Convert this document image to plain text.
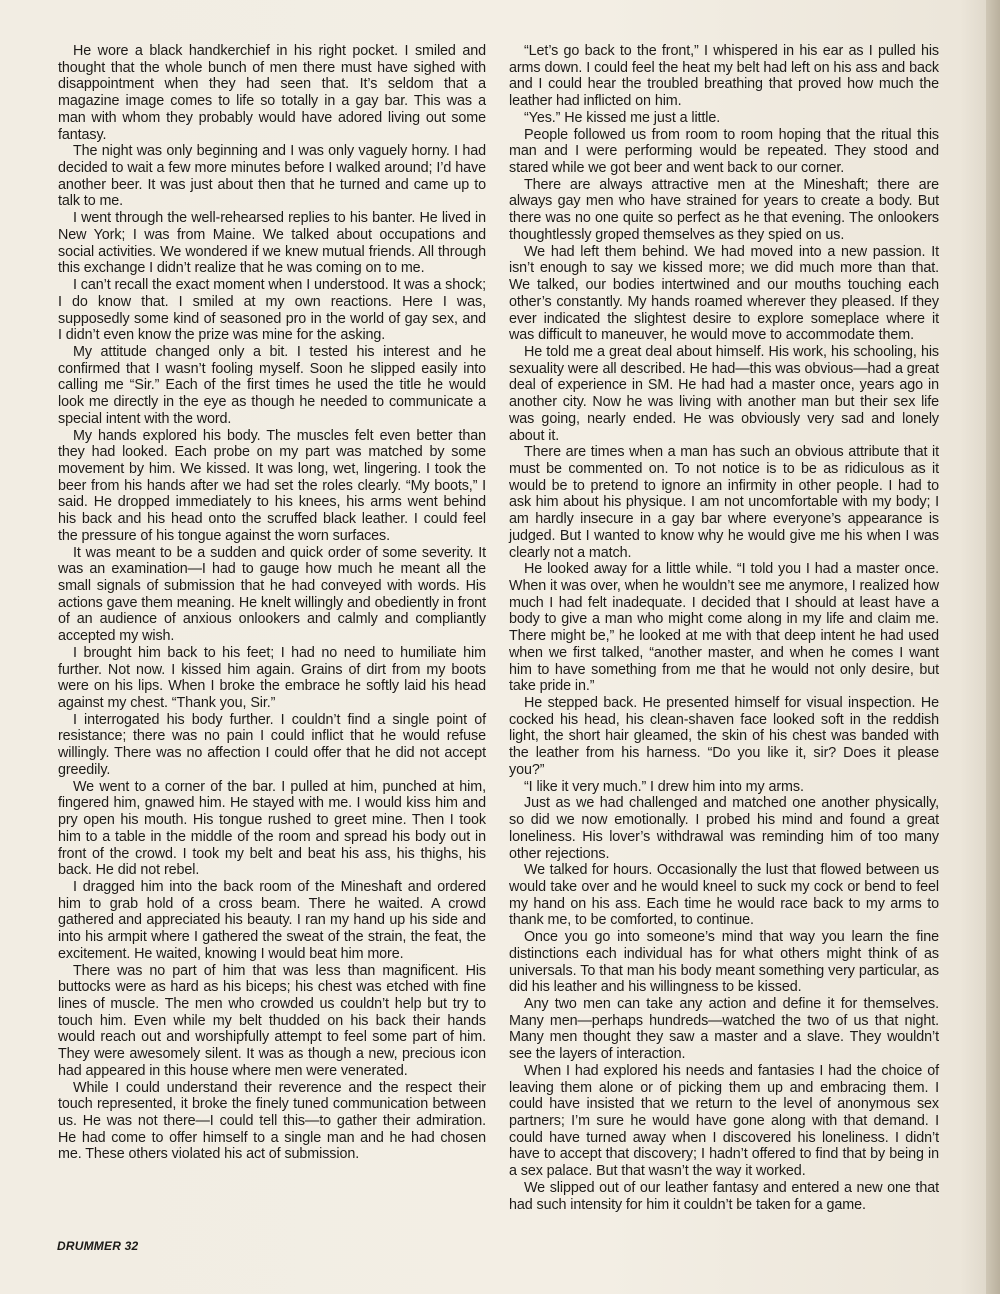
He wore a black handkerchief in his right pocket. I smiled and thought that the whole bunch of men there must have sighed with disappointment when they had seen that. It’s seldom that a magazine image comes to life so totally in a gay bar. This was a man with whom they probably would have adored living out some fantasy.

The night was only beginning and I was only vaguely horny. I had decided to wait a few more minutes before I walked around; I’d have another beer. It was just about then that he turned and came up to talk to me.

I went through the well-rehearsed replies to his banter. He lived in New York; I was from Maine. We talked about occupations and social activities. We wondered if we knew mutual friends. All through this exchange I didn’t realize that he was coming on to me.

I can’t recall the exact moment when I understood. It was a shock; I do know that. I smiled at my own reactions. Here I was, supposedly some kind of seasoned pro in the world of gay sex, and I didn’t even know the prize was mine for the asking.

My attitude changed only a bit. I tested his interest and he confirmed that I wasn’t fooling myself. Soon he slipped easily into calling me “Sir.” Each of the first times he used the title he would look me directly in the eye as though he needed to communicate a special intent with the word.

My hands explored his body. The muscles felt even better than they had looked. Each probe on my part was matched by some movement by him. We kissed. It was long, wet, lingering. I took the beer from his hands after we had set the roles clearly. “My boots,” I said. He dropped immediately to his knees, his arms went behind his back and his head onto the scruffed black leather. I could feel the pressure of his tongue against the worn surfaces.

It was meant to be a sudden and quick order of some severity. It was an examination—I had to gauge how much he meant all the small signals of submission that he had conveyed with words. His actions gave them meaning. He knelt willingly and obediently in front of an audience of anxious onlookers and calmly and compliantly accepted my wish.

I brought him back to his feet; I had no need to humiliate him further. Not now. I kissed him again. Grains of dirt from my boots were on his lips. When I broke the embrace he softly laid his head against my chest. “Thank you, Sir.”

I interrogated his body further. I couldn’t find a single point of resistance; there was no pain I could inflict that he would refuse willingly. There was no affection I could offer that he did not accept greedily.

We went to a corner of the bar. I pulled at him, punched at him, fingered him, gnawed him. He stayed with me. I would kiss him and pry open his mouth. His tongue rushed to greet mine. Then I took him to a table in the middle of the room and spread his body out in front of the crowd. I took my belt and beat his ass, his thighs, his back. He did not rebel.

I dragged him into the back room of the Mineshaft and ordered him to grab hold of a cross beam. There he waited. A crowd gathered and appreciated his beauty. I ran my hand up his side and into his armpit where I gathered the sweat of the strain, the feat, the excitement. He waited, knowing I would beat him more.

There was no part of him that was less than magnificent. His buttocks were as hard as his biceps; his chest was etched with fine lines of muscle. The men who crowded us couldn’t help but try to touch him. Even while my belt thudded on his back their hands would reach out and worshipfully attempt to feel some part of him. They were awesomely silent. It was as though a new, precious icon had appeared in this house where men were venerated.

While I could understand their reverence and the respect their touch represented, it broke the finely tuned communication between us. He was not there—I could tell this—to gather their admiration. He had come to offer himself to a single man and he had chosen me. These others violated his act of submission.

“Let’s go back to the front,” I whispered in his ear as I pulled his arms down. I could feel the heat my belt had left on his ass and back and I could hear the troubled breathing that proved how much the leather had inflicted on him.

“Yes.” He kissed me just a little.

People followed us from room to room hoping that the ritual this man and I were performing would be repeated. They stood and stared while we got beer and went back to our corner.

There are always attractive men at the Mineshaft; there are always gay men who have strained for years to create a body. But there was no one quite so perfect as he that evening. The onlookers thoughtlessly groped themselves as they spied on us.

We had left them behind. We had moved into a new passion. It isn’t enough to say we kissed more; we did much more than that. We talked, our bodies intertwined and our mouths touching each other’s constantly. My hands roamed wherever they pleased. If they ever indicated the slightest desire to explore someplace where it was difficult to maneuver, he would move to accommodate them.

He told me a great deal about himself. His work, his schooling, his sexuality were all described. He had—this was obvious—had a great deal of experience in SM. He had had a master once, years ago in another city. Now he was living with another man but their sex life was going, nearly ended. He was obviously very sad and lonely about it.

There are times when a man has such an obvious attribute that it must be commented on. To not notice is to be as ridiculous as it would be to pretend to ignore an infirmity in other people. I had to ask him about his physique. I am not uncomfortable with my body; I am hardly insecure in a gay bar where everyone’s appearance is judged. But I wanted to know why he would give me his when I was clearly not a match.

He looked away for a little while. “I told you I had a master once. When it was over, when he wouldn’t see me anymore, I realized how much I had felt inadequate. I decided that I should at least have a body to give a man who might come along in my life and claim me. There might be,” he looked at me with that deep intent he had used when we first talked, “another master, and when he comes I want him to have something from me that he would not only desire, but take pride in.”

He stepped back. He presented himself for visual inspection. He cocked his head, his clean-shaven face looked soft in the reddish light, the short hair gleamed, the skin of his chest was banded with the leather from his harness. “Do you like it, sir? Does it please you?”

“I like it very much.” I drew him into my arms.

Just as we had challenged and matched one another physically, so did we now emotionally. I probed his mind and found a great loneliness. His lover’s withdrawal was reminding him of too many other rejections.

We talked for hours. Occasionally the lust that flowed between us would take over and he would kneel to suck my cock or bend to feel my hand on his ass. Each time he would race back to my arms to thank me, to be comforted, to continue.

Once you go into someone’s mind that way you learn the fine distinctions each individual has for what others might think of as universals. To that man his body meant something very particular, as did his leather and his willingness to be kissed.

Any two men can take any action and define it for themselves. Many men—perhaps hundreds—watched the two of us that night. Many men thought they saw a master and a slave. They wouldn’t see the layers of interaction.

When I had explored his needs and fantasies I had the choice of leaving them alone or of picking them up and embracing them. I could have insisted that we return to the level of anonymous sex partners; I’m sure he would have gone along with that demand. I could have turned away when I discovered his loneliness. I didn’t have to accept that discovery; I hadn’t offered to find that by being in a sex palace. But that wasn’t the way it worked.

We slipped out of our leather fantasy and entered a new one that had such intensity for him it couldn’t be taken for a game.

DRUMMER 32
